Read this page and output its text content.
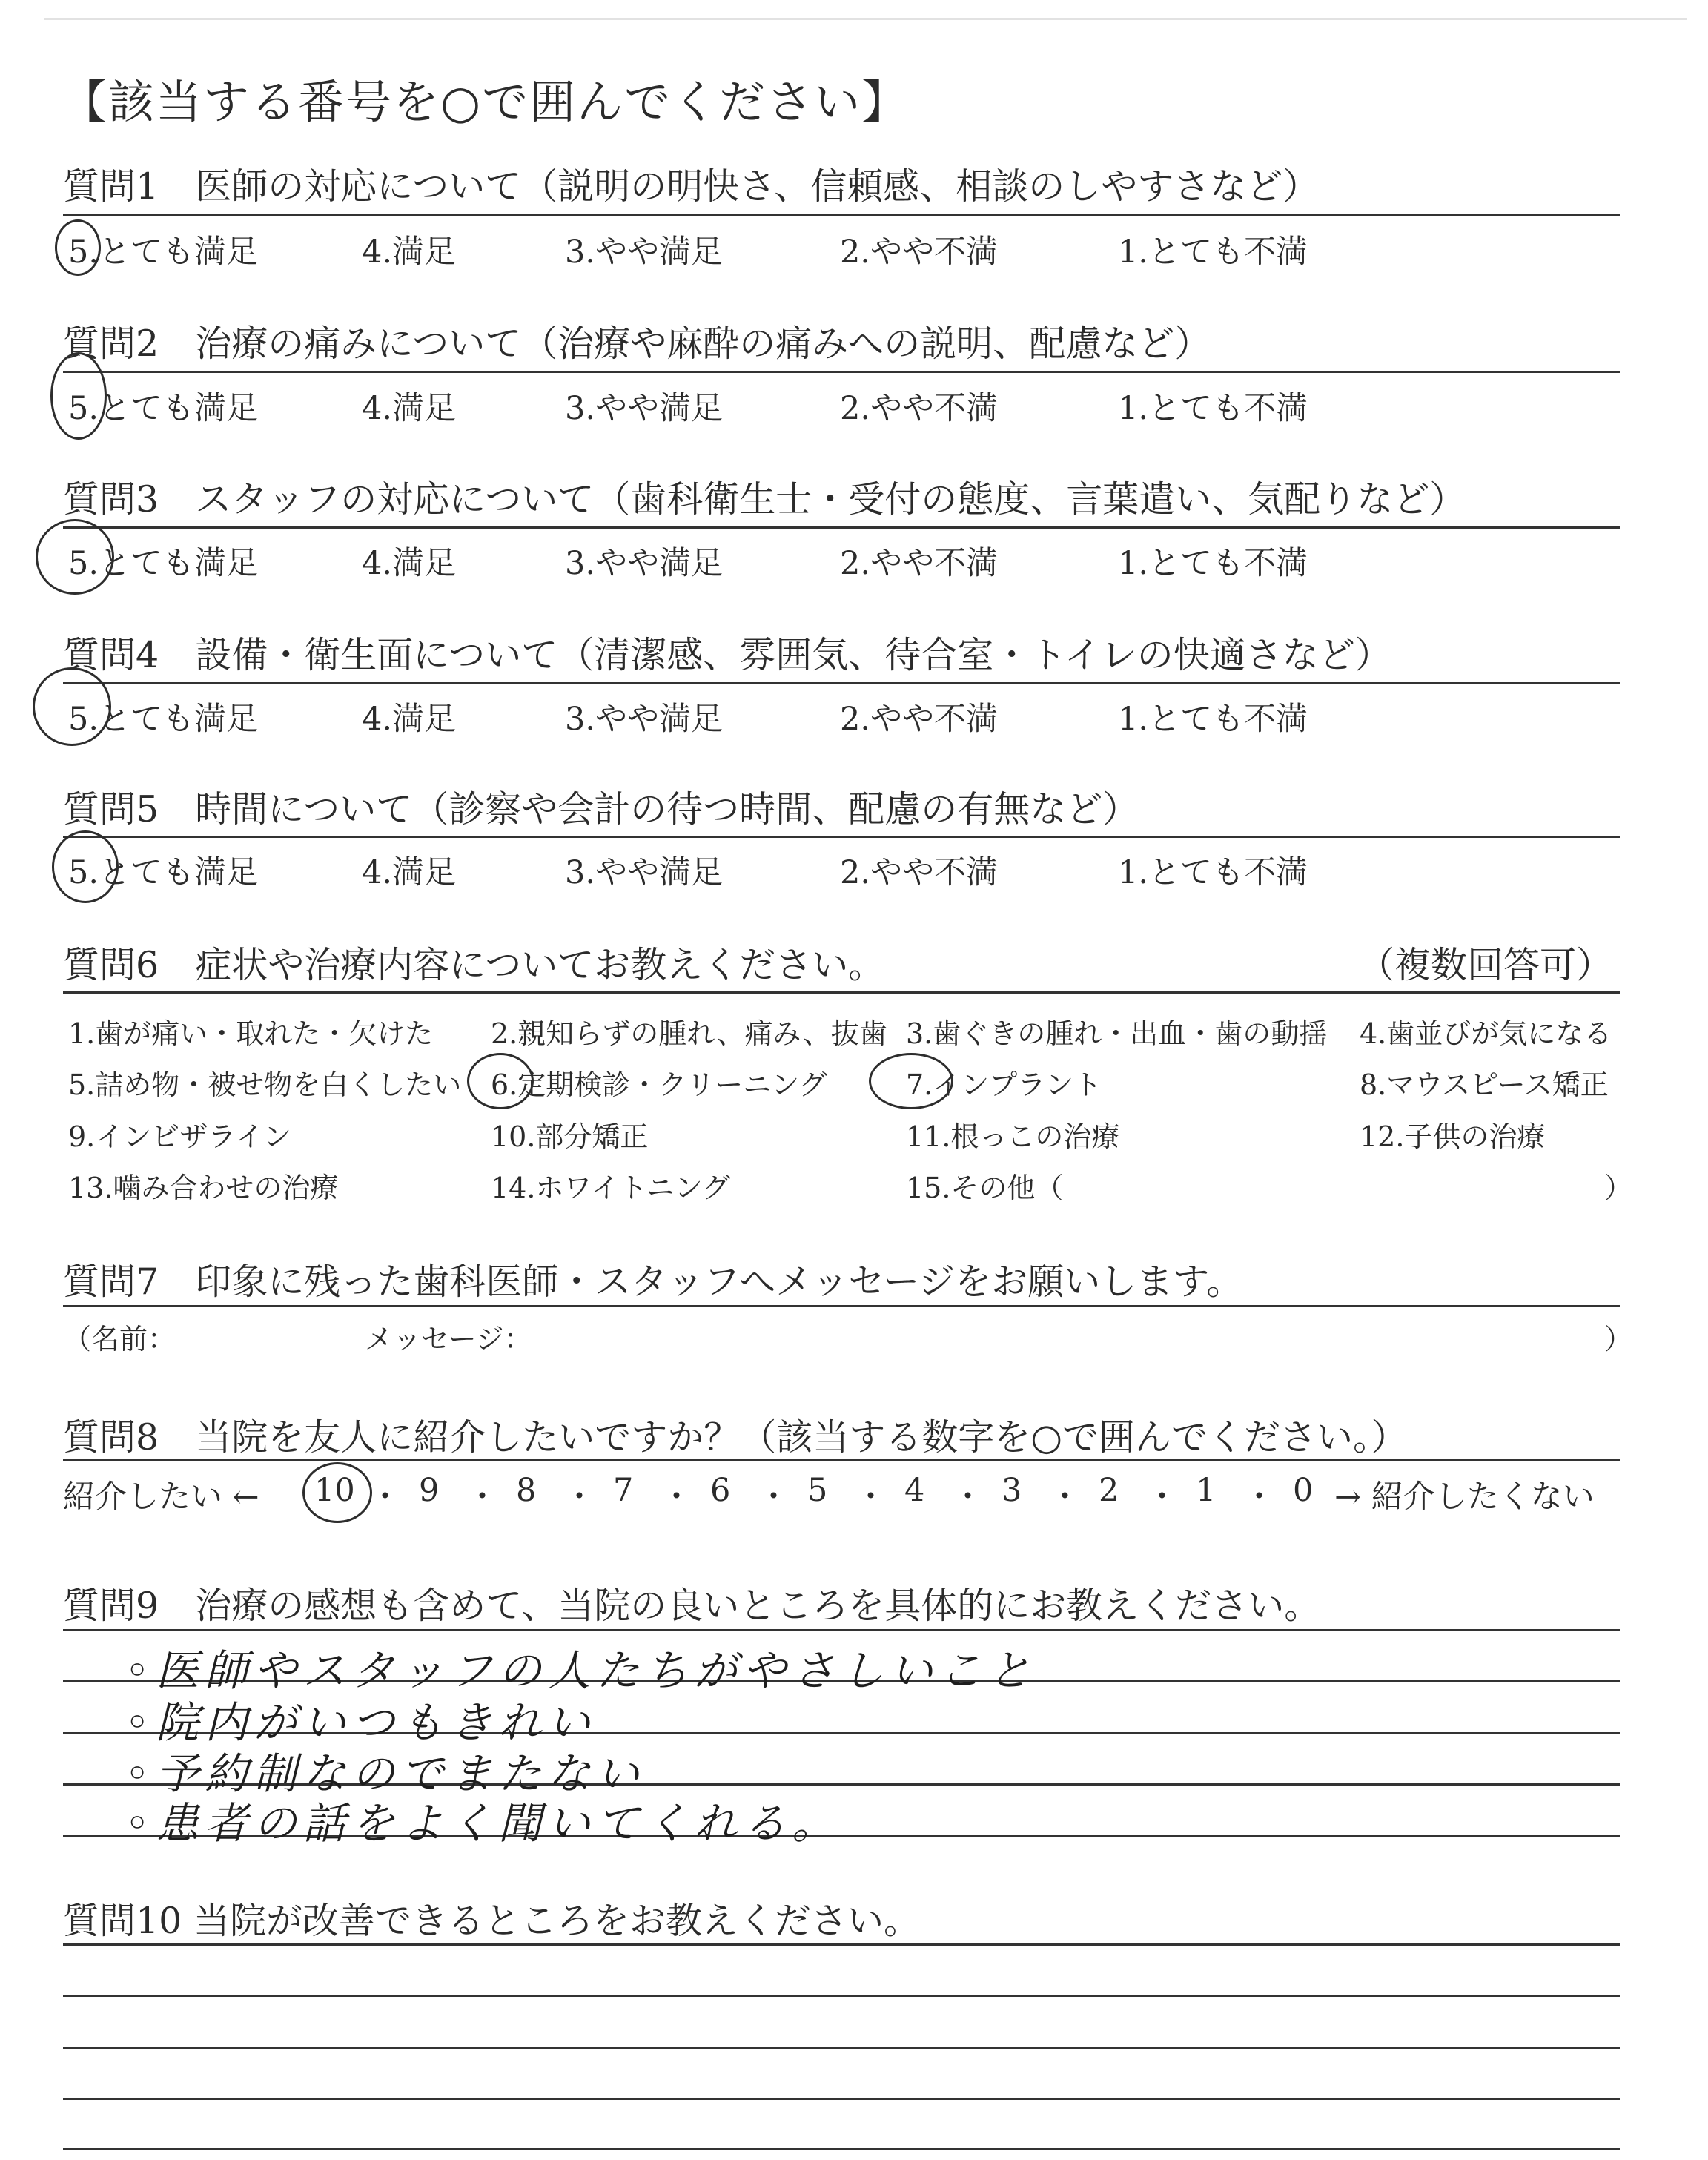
【該当する番号を○で囲んでください】
質問1　 医師の対応について（説明の明快さ、信頼感、相談のしやすさなど）
5.とても満足	4.満足	3.やや満足	2.やや不満	1.とても不満
質問2　 治療の痛みについて（治療や麻酔の痛みへの説明、配慮など）
5.とても満足	4.満足	3.やや満足	2.やや不満	1.とても不満
質問3　 スタッフの対応について（歯科衛生士・受付の態度、言葉遣い、気配りなど）
5.とても満足	4.満足	3.やや満足	2.やや不満	1.とても不満
質問4　 設備・衛生面について（清潔感、雰囲気、待合室・トイレの快適さなど）
5.とても満足	4.満足	3.やや満足	2.やや不満	1.とても不満
質問5　 時間について（診察や会計の待つ時間、配慮の有無など）
5.とても満足	4.満足	3.やや満足	2.やや不満	1.とても不満
質問6　 症状や治療内容についてお教えください。	（複数回答可）
1.歯が痛い・取れた・欠けた 2.親知らずの腫れ、痛み、抜歯 3.歯ぐきの腫れ・出血・歯の動揺 4.歯並びが気になる
5.詰め物・被せ物を白くしたい 6.定期検診・クリーニング	7.インプラント	8.マウスピース矯正
9.インビザライン	10.部分矯正	11.根っこの治療	12.子供の治療
13.噛み合わせの治療	14.ホワイトニング	15.その他（	）
質問7　 印象に残った歯科医師・スタッフへメッセージをお願いします。
（名前：	メッセージ：	）
質問8　 当院を友人に紹介したいですか？（該当する数字を○で囲んでください。）
紹介したい ←	→ 紹介したくない
10 ・ 9 ・ 8 ・ 7 ・ 6 ・ 5 ・ 4 ・ 3 ・ 2 ・ 1 ・ 0
質問9　 治療の感想も含めて、当院の良いところを具体的にお教えください。
◦医師やスタッフの人たちがやさしいこと
◦院内がいつもきれい
◦予約制なのでまたない
◦患者の話をよく聞いてくれる。
質問10 当院が改善できるところをお教えください。
